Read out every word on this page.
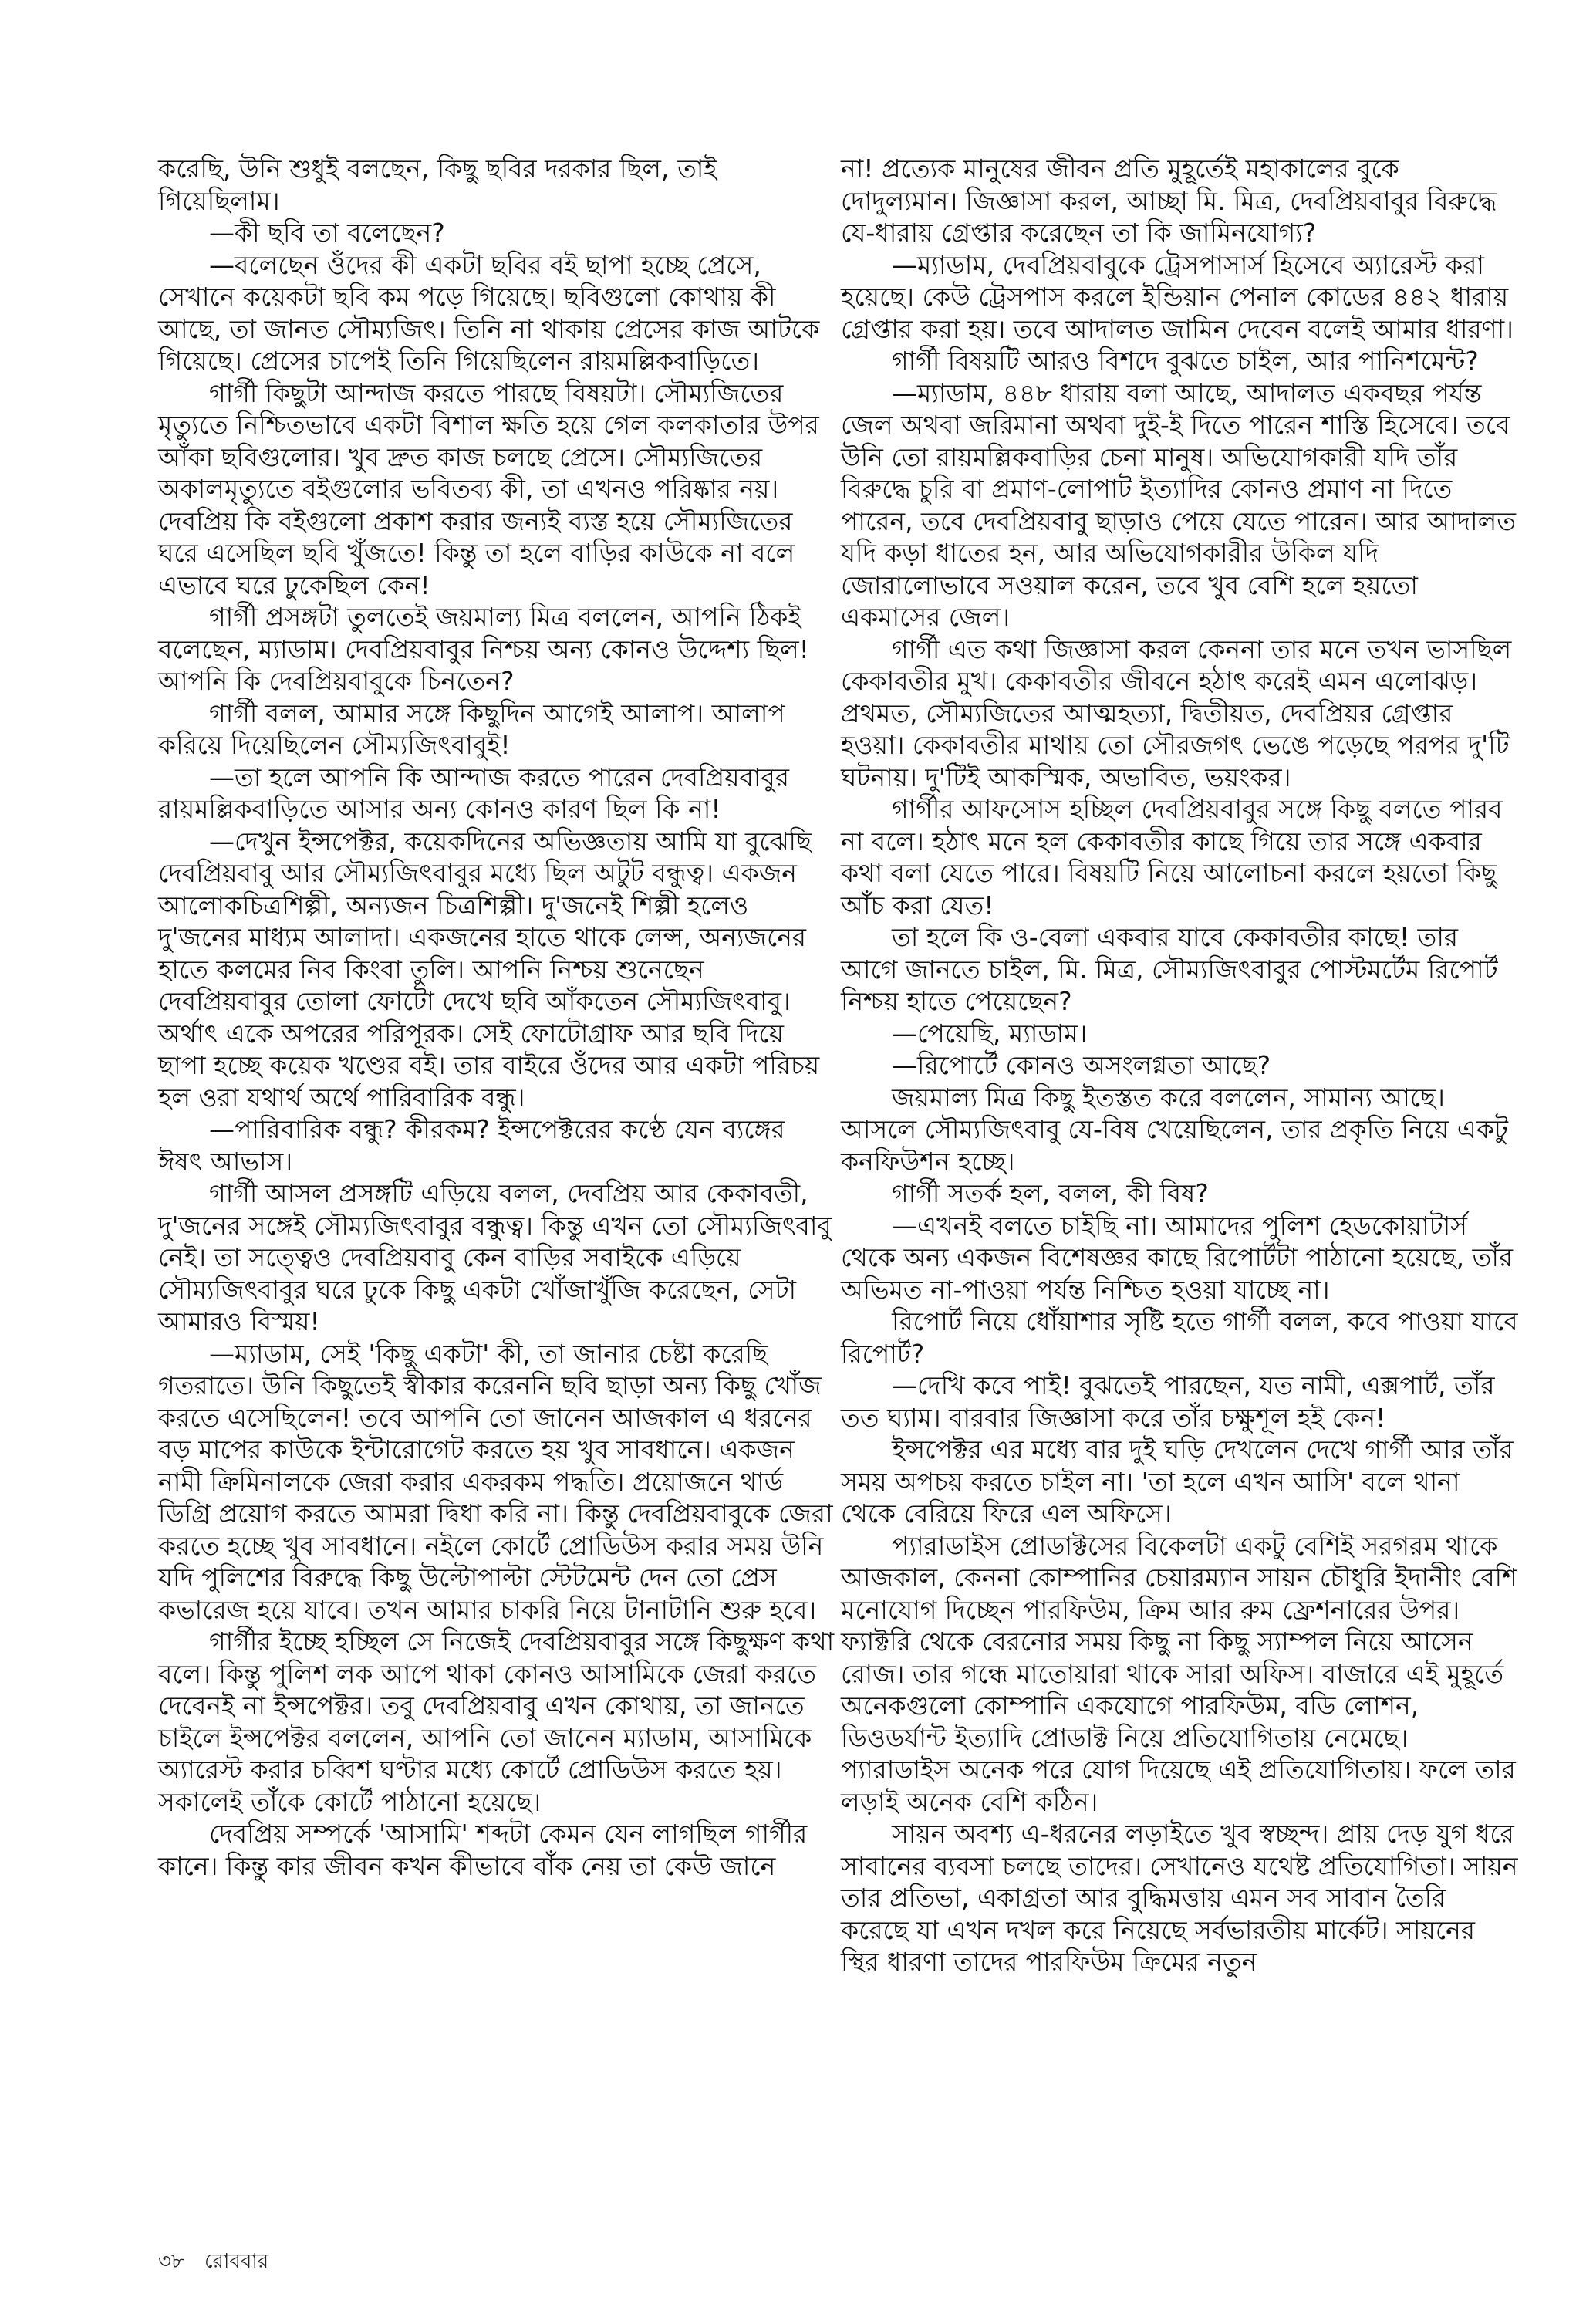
করেছি, উনি শুধুই বলছেন, কিছু ছবির দরকার ছিল, তাই গিয়েছিলাম।

—কী ছবি তা বলেছেন?

—বলেছেন ওঁদের কী একটা ছবির বই ছাপা হচ্ছে প্রেসে, সেখানে কয়েকটা ছবি কম পড়ে গিয়েছে। ছবিগুলো কোথায় কী আছে, তা জানত সৌম্যজিৎ। তিনি না থাকায় প্রেসের কাজ আটকে গিয়েছে। প্রেসের চাপেই তিনি গিয়েছিলেন রায়মল্লিকবাড়িতে।

গার্গী কিছুটা আন্দাজ করতে পারছে বিষয়টা। সৌম্যজিতের মৃত্যুতে নিশ্চিতভাবে একটা বিশাল ক্ষতি হয়ে গেল কলকাতার উপর আঁকা ছবিগুলোর। খুব দ্রুত কাজ চলছে প্রেসে। সৌম্যজিতের অকালমৃত্যুতে বইগুলোর ভবিতব্য কী, তা এখনও পরিষ্কার নয়। দেবপ্রিয় কি বইগুলো প্রকাশ করার জন্যই ব্যস্ত হয়ে সৌম্যজিতের ঘরে এসেছিল ছবি খুঁজতে! কিন্তু তা হলে বাড়ির কাউকে না বলে এভাবে ঘরে ঢুকেছিল কেন!

গার্গী প্রসঙ্গটা তুলতেই জয়মাল্য মিত্র বললেন, আপনি ঠিকই বলেছেন, ম্যাডাম। দেবপ্রিয়বাবুর নিশ্চয় অন্য কোনও উদ্দেশ্য ছিল! আপনি কি দেবপ্রিয়বাবুকে চিনতেন?

গার্গী বলল, আমার সঙ্গে কিছুদিন আগেই আলাপ। আলাপ করিয়ে দিয়েছিলেন সৌম্যজিৎবাবুই!

—তা হলে আপনি কি আন্দাজ করতে পারেন দেবপ্রিয়বাবুর রায়মল্লিকবাড়িতে আসার অন্য কোনও কারণ ছিল কি না!

—দেখুন ইন্সপেক্টর, কয়েকদিনের অভিজ্ঞতায় আমি যা বুঝেছি দেবপ্রিয়বাবু আর সৌম্যজিৎবাবুর মধ্যে ছিল অটুট বন্ধুত্ব। একজন আলোকচিত্রশিল্পী, অন্যজন চিত্রশিল্পী। দু'জনেই শিল্পী হলেও দু'জনের মাধ্যম আলাদা। একজনের হাতে থাকে লেন্স, অন্যজনের হাতে কলমের নিব কিংবা তুলি। আপনি নিশ্চয় শুনেছেন দেবপ্রিয়বাবুর তোলা ফোটো দেখে ছবি আঁকতেন সৌম্যজিৎবাবু। অর্থাৎ একে অপরের পরিপূরক। সেই ফোটোগ্রাফ আর ছবি দিয়ে ছাপা হচ্ছে কয়েক খণ্ডের বই। তার বাইরে ওঁদের আর একটা পরিচয় হল ওরা যথার্থ অর্থে পারিবারিক বন্ধু।

—পারিবারিক বন্ধু? কীরকম? ইন্সপেক্টরের কণ্ঠে যেন ব্যঙ্গের ঈষৎ আভাস।

গার্গী আসল প্রসঙ্গটি এড়িয়ে বলল, দেবপ্রিয় আর কেকাবতী, দু'জনের সঙ্গেই সৌম্যজিৎবাবুর বন্ধুত্ব। কিন্তু এখন তো সৌম্যজিৎবাবু নেই। তা সত্ত্বেও দেবপ্রিয়বাবু কেন বাড়ির সবাইকে এড়িয়ে সৌম্যজিৎবাবুর ঘরে ঢুকে কিছু একটা খোঁজাখুঁজি করেছেন, সেটা আমারও বিস্ময়!

—ম্যাডাম, সেই 'কিছু একটা' কী, তা জানার চেষ্টা করেছি গতরাতে। উনি কিছুতেই স্বীকার করেননি ছবি ছাড়া অন্য কিছু খোঁজ করতে এসেছিলেন! তবে আপনি তো জানেন আজকাল এ ধরনের বড় মাপের কাউকে ইন্টারোগেট করতে হয় খুব সাবধানে। একজন নামী ক্রিমিনালকে জেরা করার একরকম পদ্ধতি। প্রয়োজনে থার্ড ডিগ্রি প্রয়োগ করতে আমরা দ্বিধা করি না। কিন্তু দেবপ্রিয়বাবুকে জেরা করতে হচ্ছে খুব সাবধানে। নইলে কোর্টে প্রোডিউস করার সময় উনি যদি পুলিশের বিরুদ্ধে কিছু উল্টোপাল্টা স্টেটমেন্ট দেন তো প্রেস কভারেজ হয়ে যাবে। তখন আমার চাকরি নিয়ে টানাটানি শুরু হবে।

গার্গীর ইচ্ছে হচ্ছিল সে নিজেই দেবপ্রিয়বাবুর সঙ্গে কিছুক্ষণ কথা বলে। কিন্তু পুলিশ লক আপে থাকা কোনও আসামিকে জেরা করতে দেবেনই না ইন্সপেক্টর। তবু দেবপ্রিয়বাবু এখন কোথায়, তা জানতে চাইলে ইন্সপেক্টর বললেন, আপনি তো জানেন ম্যাডাম, আসামিকে অ্যারেস্ট করার চব্বিশ ঘণ্টার মধ্যে কোর্টে প্রোডিউস করতে হয়। সকালেই তাঁকে কোর্টে পাঠানো হয়েছে।

দেবপ্রিয় সম্পর্কে 'আসামি' শব্দটা কেমন যেন লাগছিল গার্গীর কানে। কিন্তু কার জীবন কখন কীভাবে বাঁক নেয় তা কেউ জানে

না! প্রত্যেক মানুষের জীবন প্রতি মুহূর্তেই মহাকালের বুকে দোদুল্যমান। জিজ্ঞাসা করল, আচ্ছা মি. মিত্র, দেবপ্রিয়বাবুর বিরুদ্ধে যে-ধারায় গ্রেপ্তার করেছেন তা কি জামিনযোগ্য?

—ম্যাডাম, দেবপ্রিয়বাবুকে ট্রেসপাসার্স হিসেবে অ্যারেস্ট করা হয়েছে। কেউ ট্রেসপাস করলে ইন্ডিয়ান পেনাল কোডের ৪৪২ ধারায় গ্রেপ্তার করা হয়। তবে আদালত জামিন দেবেন বলেই আমার ধারণা।

গার্গী বিষয়টি আরও বিশদে বুঝতে চাইল, আর পানিশমেন্ট?

—ম্যাডাম, ৪৪৮ ধারায় বলা আছে, আদালত একবছর পর্যন্ত জেল অথবা জরিমানা অথবা দুই-ই দিতে পারেন শাস্তি হিসেবে। তবে উনি তো রায়মল্লিকবাড়ির চেনা মানুষ। অভিযোগকারী যদি তাঁর বিরুদ্ধে চুরি বা প্রমাণ-লোপাট ইত্যাদির কোনও প্রমাণ না দিতে পারেন, তবে দেবপ্রিয়বাবু ছাড়াও পেয়ে যেতে পারেন। আর আদালত যদি কড়া ধাতের হন, আর অভিযোগকারীর উকিল যদি জোরালোভাবে সওয়াল করেন, তবে খুব বেশি হলে হয়তো একমাসের জেল।

গার্গী এত কথা জিজ্ঞাসা করল কেননা তার মনে তখন ভাসছিল কেকাবতীর মুখ। কেকাবতীর জীবনে হঠাৎ করেই এমন এলোঝড়। প্রথমত, সৌম্যজিতের আত্মহত্যা, দ্বিতীয়ত, দেবপ্রিয়র গ্রেপ্তার হওয়া। কেকাবতীর মাথায় তো সৌরজগৎ ভেঙে পড়েছে পরপর দু'টি ঘটনায়। দু'টিই আকস্মিক, অভাবিত, ভয়ংকর।

গার্গীর আফসোস হচ্ছিল দেবপ্রিয়বাবুর সঙ্গে কিছু বলতে পারব না বলে। হঠাৎ মনে হল কেকাবতীর কাছে গিয়ে তার সঙ্গে একবার কথা বলা যেতে পারে। বিষয়টি নিয়ে আলোচনা করলে হয়তো কিছু আঁচ করা যেত!

তা হলে কি ও-বেলা একবার যাবে কেকাবতীর কাছে! তার আগে জানতে চাইল, মি. মিত্র, সৌম্যজিৎবাবুর পোস্টমর্টেম রিপোর্ট নিশ্চয় হাতে পেয়েছেন?

—পেয়েছি, ম্যাডাম।

—রিপোর্টে কোনও অসংলগ্নতা আছে?

জয়মাল্য মিত্র কিছু ইতস্তত করে বললেন, সামান্য আছে। আসলে সৌম্যজিৎবাবু যে-বিষ খেয়েছিলেন, তার প্রকৃতি নিয়ে একটু কনফিউশন হচ্ছে।

গার্গী সতর্ক হল, বলল, কী বিষ?

—এখনই বলতে চাইছি না। আমাদের পুলিশ হেডকোয়াটার্স থেকে অন্য একজন বিশেষজ্ঞর কাছে রিপোর্টটা পাঠানো হয়েছে, তাঁর অভিমত না-পাওয়া পর্যন্ত নিশ্চিত হওয়া যাচ্ছে না।

রিপোর্ট নিয়ে ধোঁয়াশার সৃষ্টি হতে গার্গী বলল, কবে পাওয়া যাবে রিপোর্ট?

—দেখি কবে পাই! বুঝতেই পারছেন, যত নামী, এক্সপার্ট, তাঁর তত ঘ্যাম। বারবার জিজ্ঞাসা করে তাঁর চক্ষুশূল হই কেন!

ইন্সপেক্টর এর মধ্যে বার দুই ঘড়ি দেখলেন দেখে গার্গী আর তাঁর সময় অপচয় করতে চাইল না। 'তা হলে এখন আসি' বলে থানা থেকে বেরিয়ে ফিরে এল অফিসে।

প্যারাডাইস প্রোডাক্টসের বিকেলটা একটু বেশিই সরগরম থাকে আজকাল, কেননা কোম্পানির চেয়ারম্যান সায়ন চৌধুরি ইদানীং বেশি মনোযোগ দিচ্ছেন পারফিউম, ক্রিম আর রুম ফ্রেশনারের উপর। ফ্যাক্টরি থেকে বেরনোর সময় কিছু না কিছু স্যাম্পল নিয়ে আসেন রোজ। তার গন্ধে মাতোয়ারা থাকে সারা অফিস। বাজারে এই মুহূর্তে অনেকগুলো কোম্পানি একযোগে পারফিউম, বডি লোশন, ডিওডর্যান্ট ইত্যাদি প্রোডাক্ট নিয়ে প্রতিযোগিতায় নেমেছে। প্যারাডাইস অনেক পরে যোগ দিয়েছে এই প্রতিযোগিতায়। ফলে তার লড়াই অনেক বেশি কঠিন।

সায়ন অবশ্য এ-ধরনের লড়াইতে খুব স্বচ্ছন্দ। প্রায় দেড় যুগ ধরে সাবানের ব্যবসা চলছে তাদের। সেখানেও যথেষ্ট প্রতিযোগিতা। সায়ন তার প্রতিভা, একাগ্রতা আর বুদ্ধিমত্তায় এমন সব সাবান তৈরি করেছে যা এখন দখল করে নিয়েছে সর্বভারতীয় মার্কেট। সায়নের স্থির ধারণা তাদের পারফিউম ক্রিমের নতুন

৩৮ রোববার
